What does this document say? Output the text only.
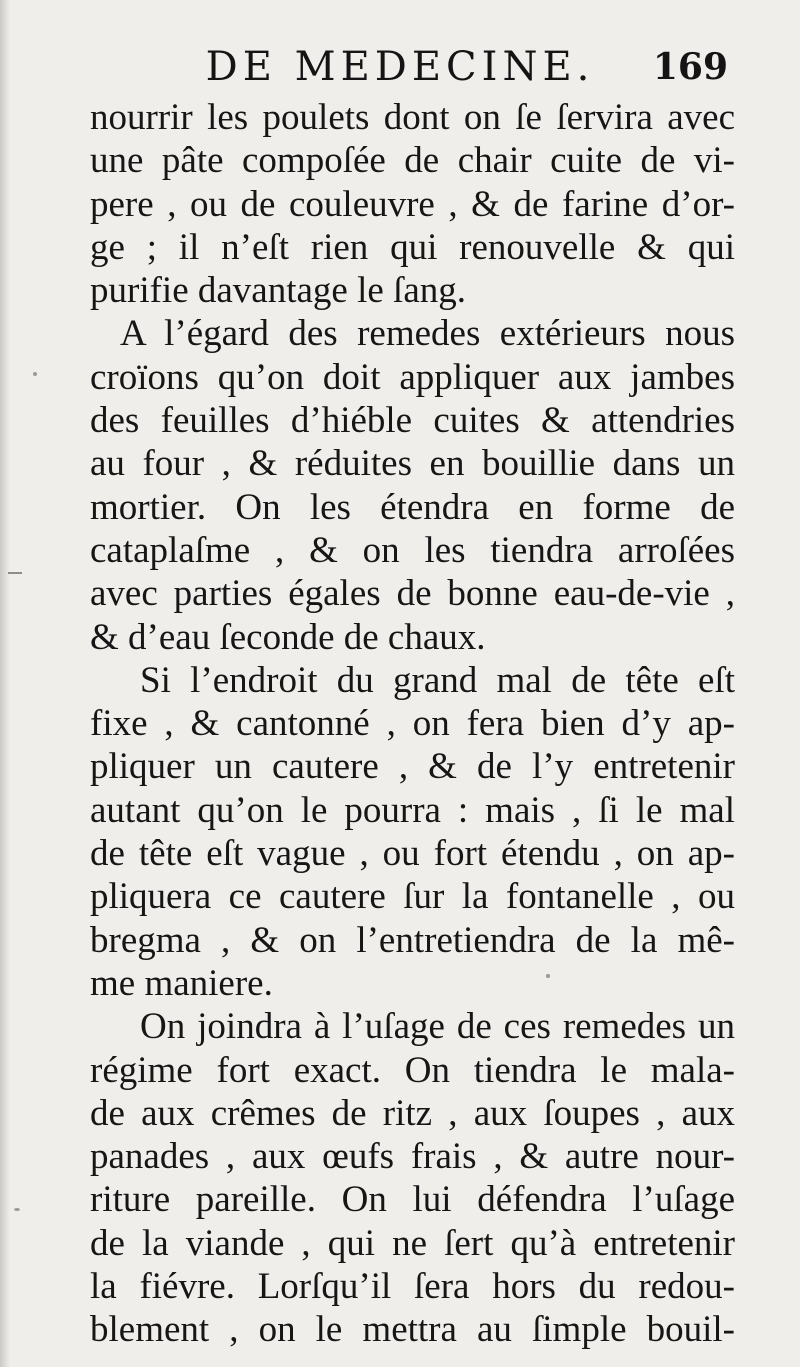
DE MEDECINE.	169
nourrir les poulets dont on ſe ſervira avec
une pâte compoſée de chair cuite de vi-
pere , ou de couleuvre , & de farine d’or-
ge ; il n’eſt rien qui renouvelle & qui
purifie davantage le ſang.
A l’égard des remedes extérieurs nous
croïons qu’on doit appliquer aux jambes
des feuilles d’hiéble cuites & attendries
au four , & réduites en bouillie dans un
mortier. On les étendra en forme de
cataplaſme , & on les tiendra arroſées
avec parties égales de bonne eau-de-vie ,
& d’eau ſeconde de chaux.
Si l’endroit du grand mal de tête eſt
fixe , & cantonné , on fera bien d’y ap-
pliquer un cautere , & de l’y entretenir
autant qu’on le pourra : mais , ſi le mal
de tête eſt vague , ou fort étendu , on ap-
pliquera ce cautere ſur la fontanelle , ou
bregma , & on l’entretiendra de la mê-
me maniere.
On joindra à l’uſage de ces remedes un
régime fort exact. On tiendra le mala-
de aux crêmes de ritz , aux ſoupes , aux
panades , aux œufs frais , & autre nour-
riture pareille. On lui défendra l’uſage
de la viande , qui ne ſert qu’à entretenir
la fiévre. Lorſqu’il ſera hors du redou-
blement , on le mettra au ſimple bouil-
